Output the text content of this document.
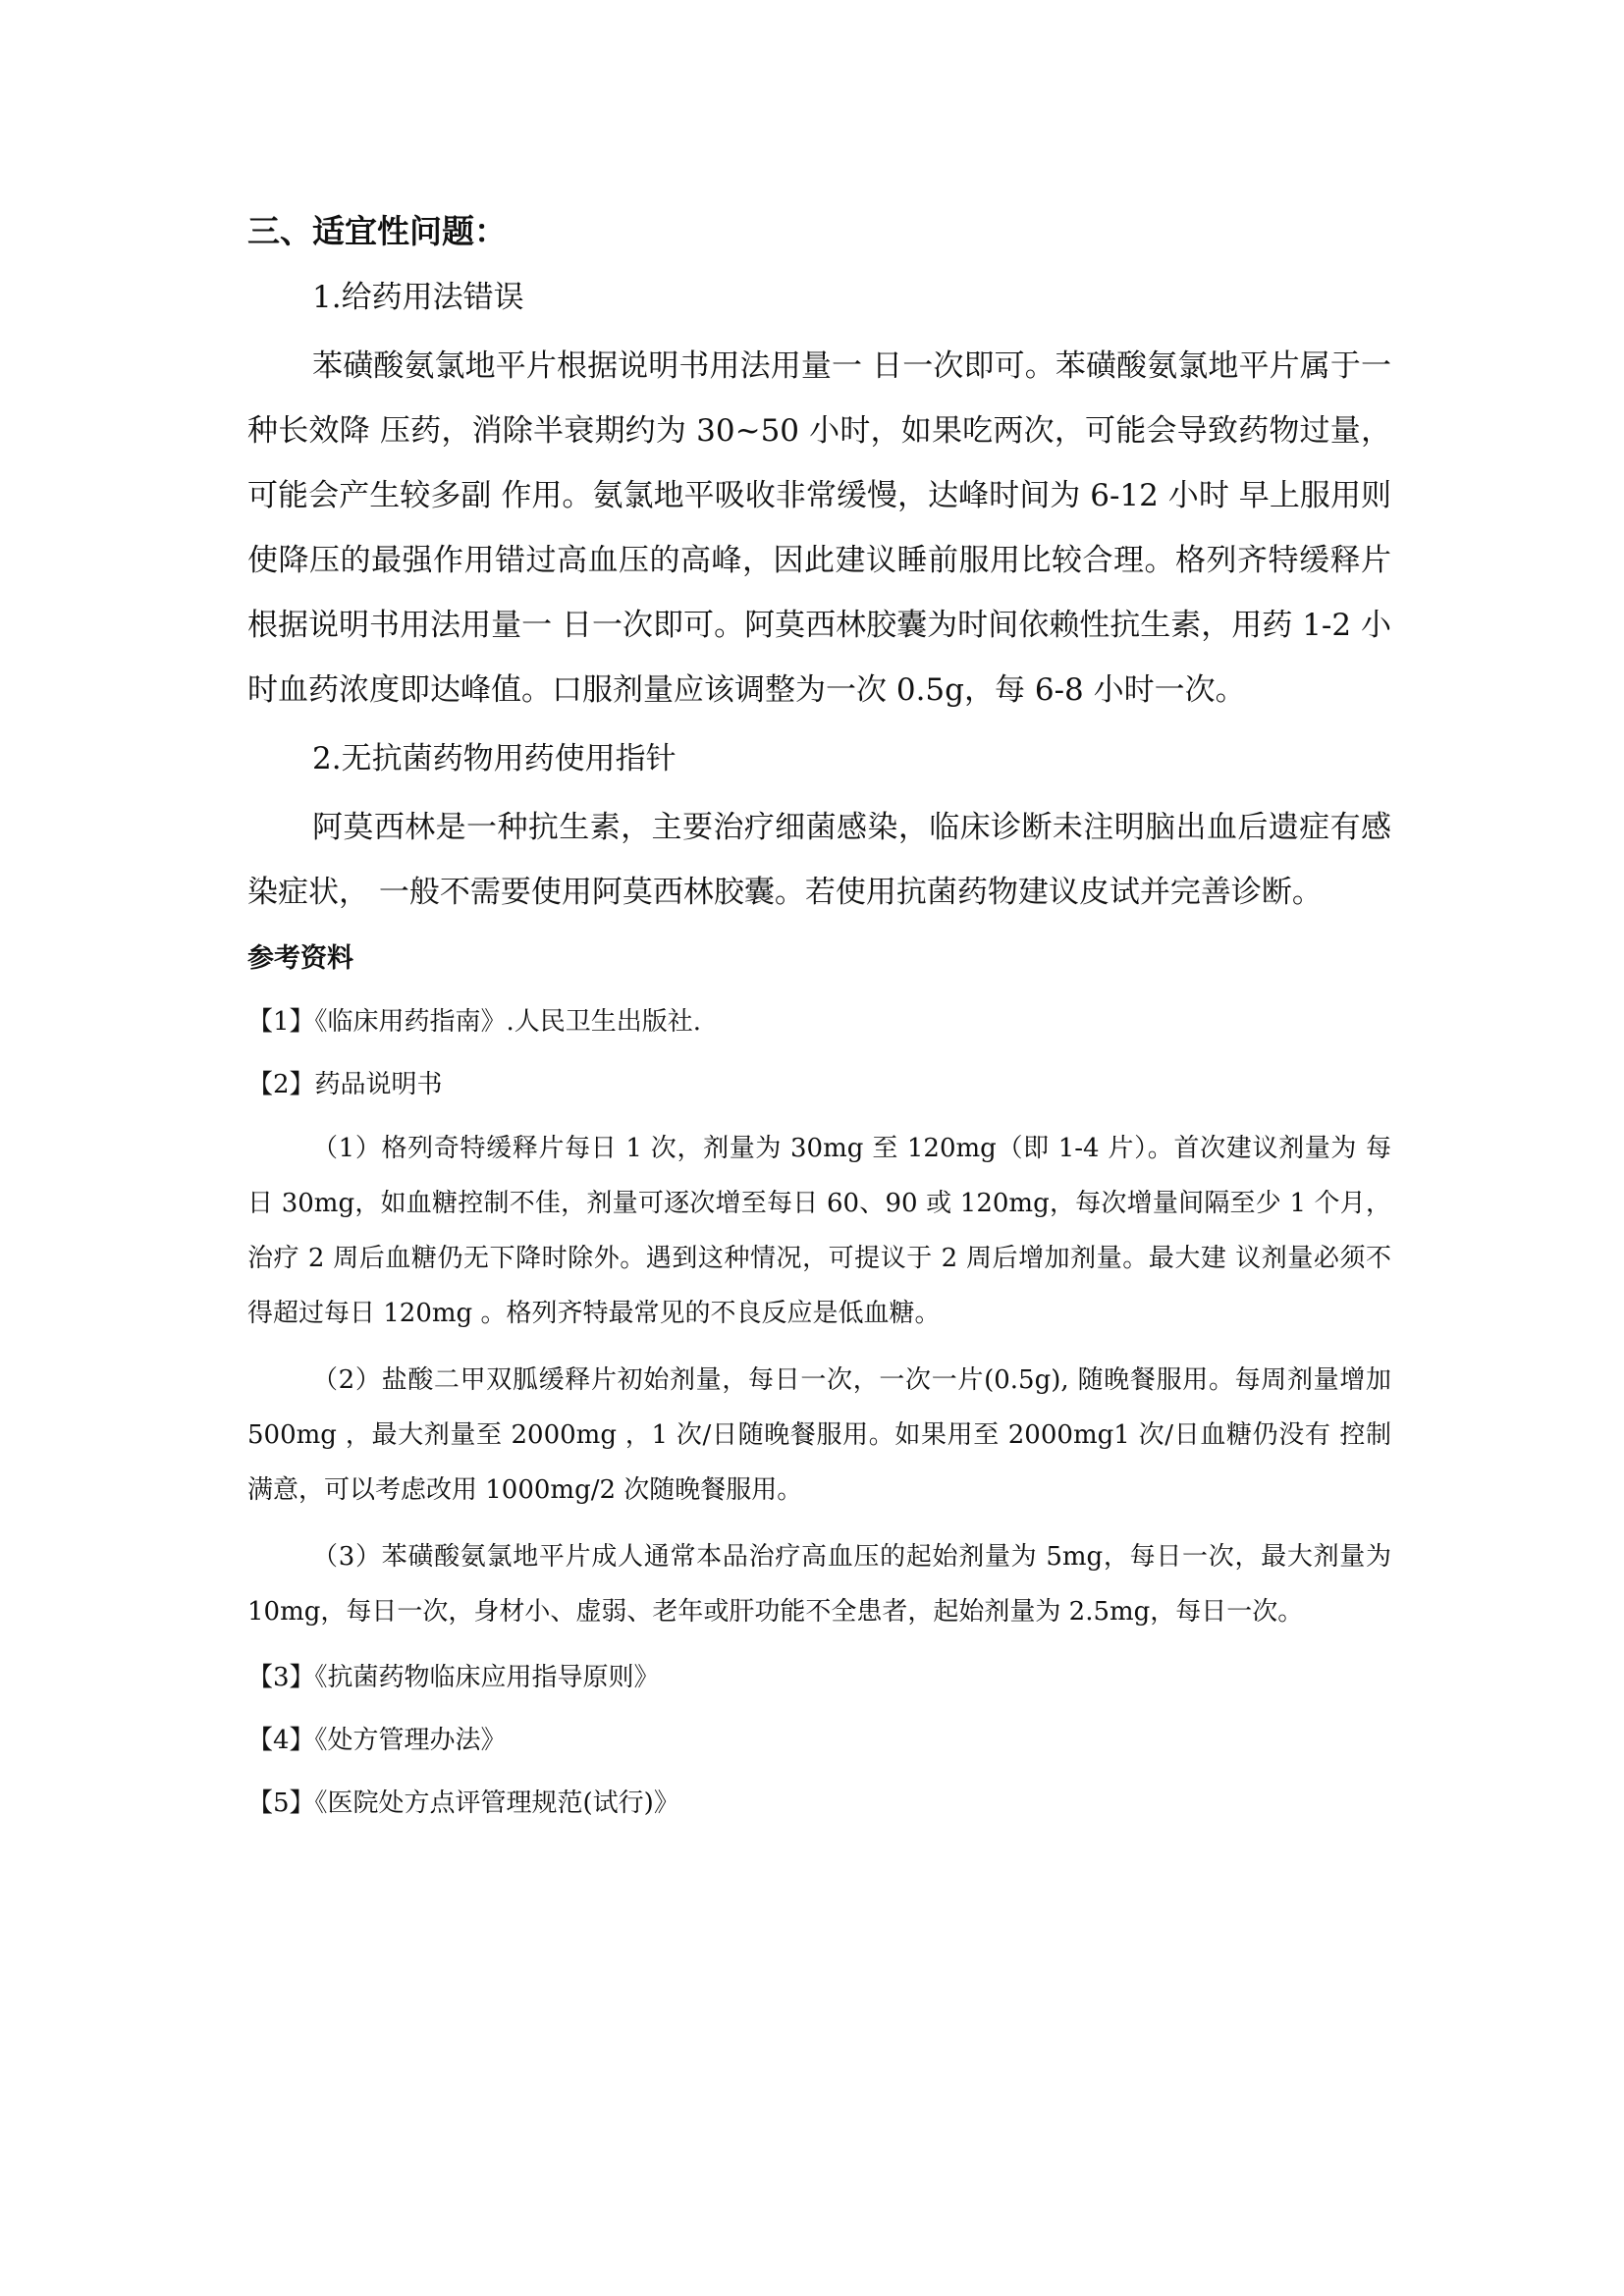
三、适宜性问题：
1.给药用法错误
苯磺酸氨氯地平片根据说明书用法用量一 日一次即可。苯磺酸氨氯地平片属于一种长效降 压药，消除半衰期约为 30~50 小时，如果吃两次，可能会导致药物过量，可能会产生较多副 作用。氨氯地平吸收非常缓慢，达峰时间为 6-12 小时 早上服用则使降压的最强作用错过高血压的高峰，因此建议睡前服用比较合理。格列齐特缓释片根据说明书用法用量一 日一次即可。阿莫西林胶囊为时间依赖性抗生素，用药 1-2 小时血药浓度即达峰值。口服剂量应该调整为一次 0.5g，每 6-8 小时一次。
2.无抗菌药物用药使用指针
阿莫西林是一种抗生素，主要治疗细菌感染，临床诊断未注明脑出血后遗症有感染症状， 一般不需要使用阿莫西林胶囊。若使用抗菌药物建议皮试并完善诊断。
参考资料
【1】《临床用药指南》.人民卫生出版社.
【2】药品说明书
（1）格列奇特缓释片每日 1 次，剂量为 30mg 至 120mg（即 1-4 片）。首次建议剂量为 每日 30mg，如血糖控制不佳，剂量可逐次增至每日 60、90 或 120mg，每次增量间隔至少 1 个月，治疗 2 周后血糖仍无下降时除外。遇到这种情况，可提议于 2 周后增加剂量。最大建 议剂量必须不得超过每日 120mg 。格列齐特最常见的不良反应是低血糖。
（2）盐酸二甲双胍缓释片初始剂量，每日一次，一次一片(0.5g), 随晚餐服用。每周剂量增加 500mg ，最大剂量至 2000mg ，1 次/日随晚餐服用。如果用至 2000mg1 次/日血糖仍没有 控制满意，可以考虑改用 1000mg/2 次随晚餐服用。
（3）苯磺酸氨氯地平片成人通常本品治疗高血压的起始剂量为 5mg，每日一次，最大剂量为 10mg，每日一次，身材小、虚弱、老年或肝功能不全患者，起始剂量为 2.5mg，每日一次。
【3】《抗菌药物临床应用指导原则》
【4】《处方管理办法》
【5】《医院处方点评管理规范(试行)》
